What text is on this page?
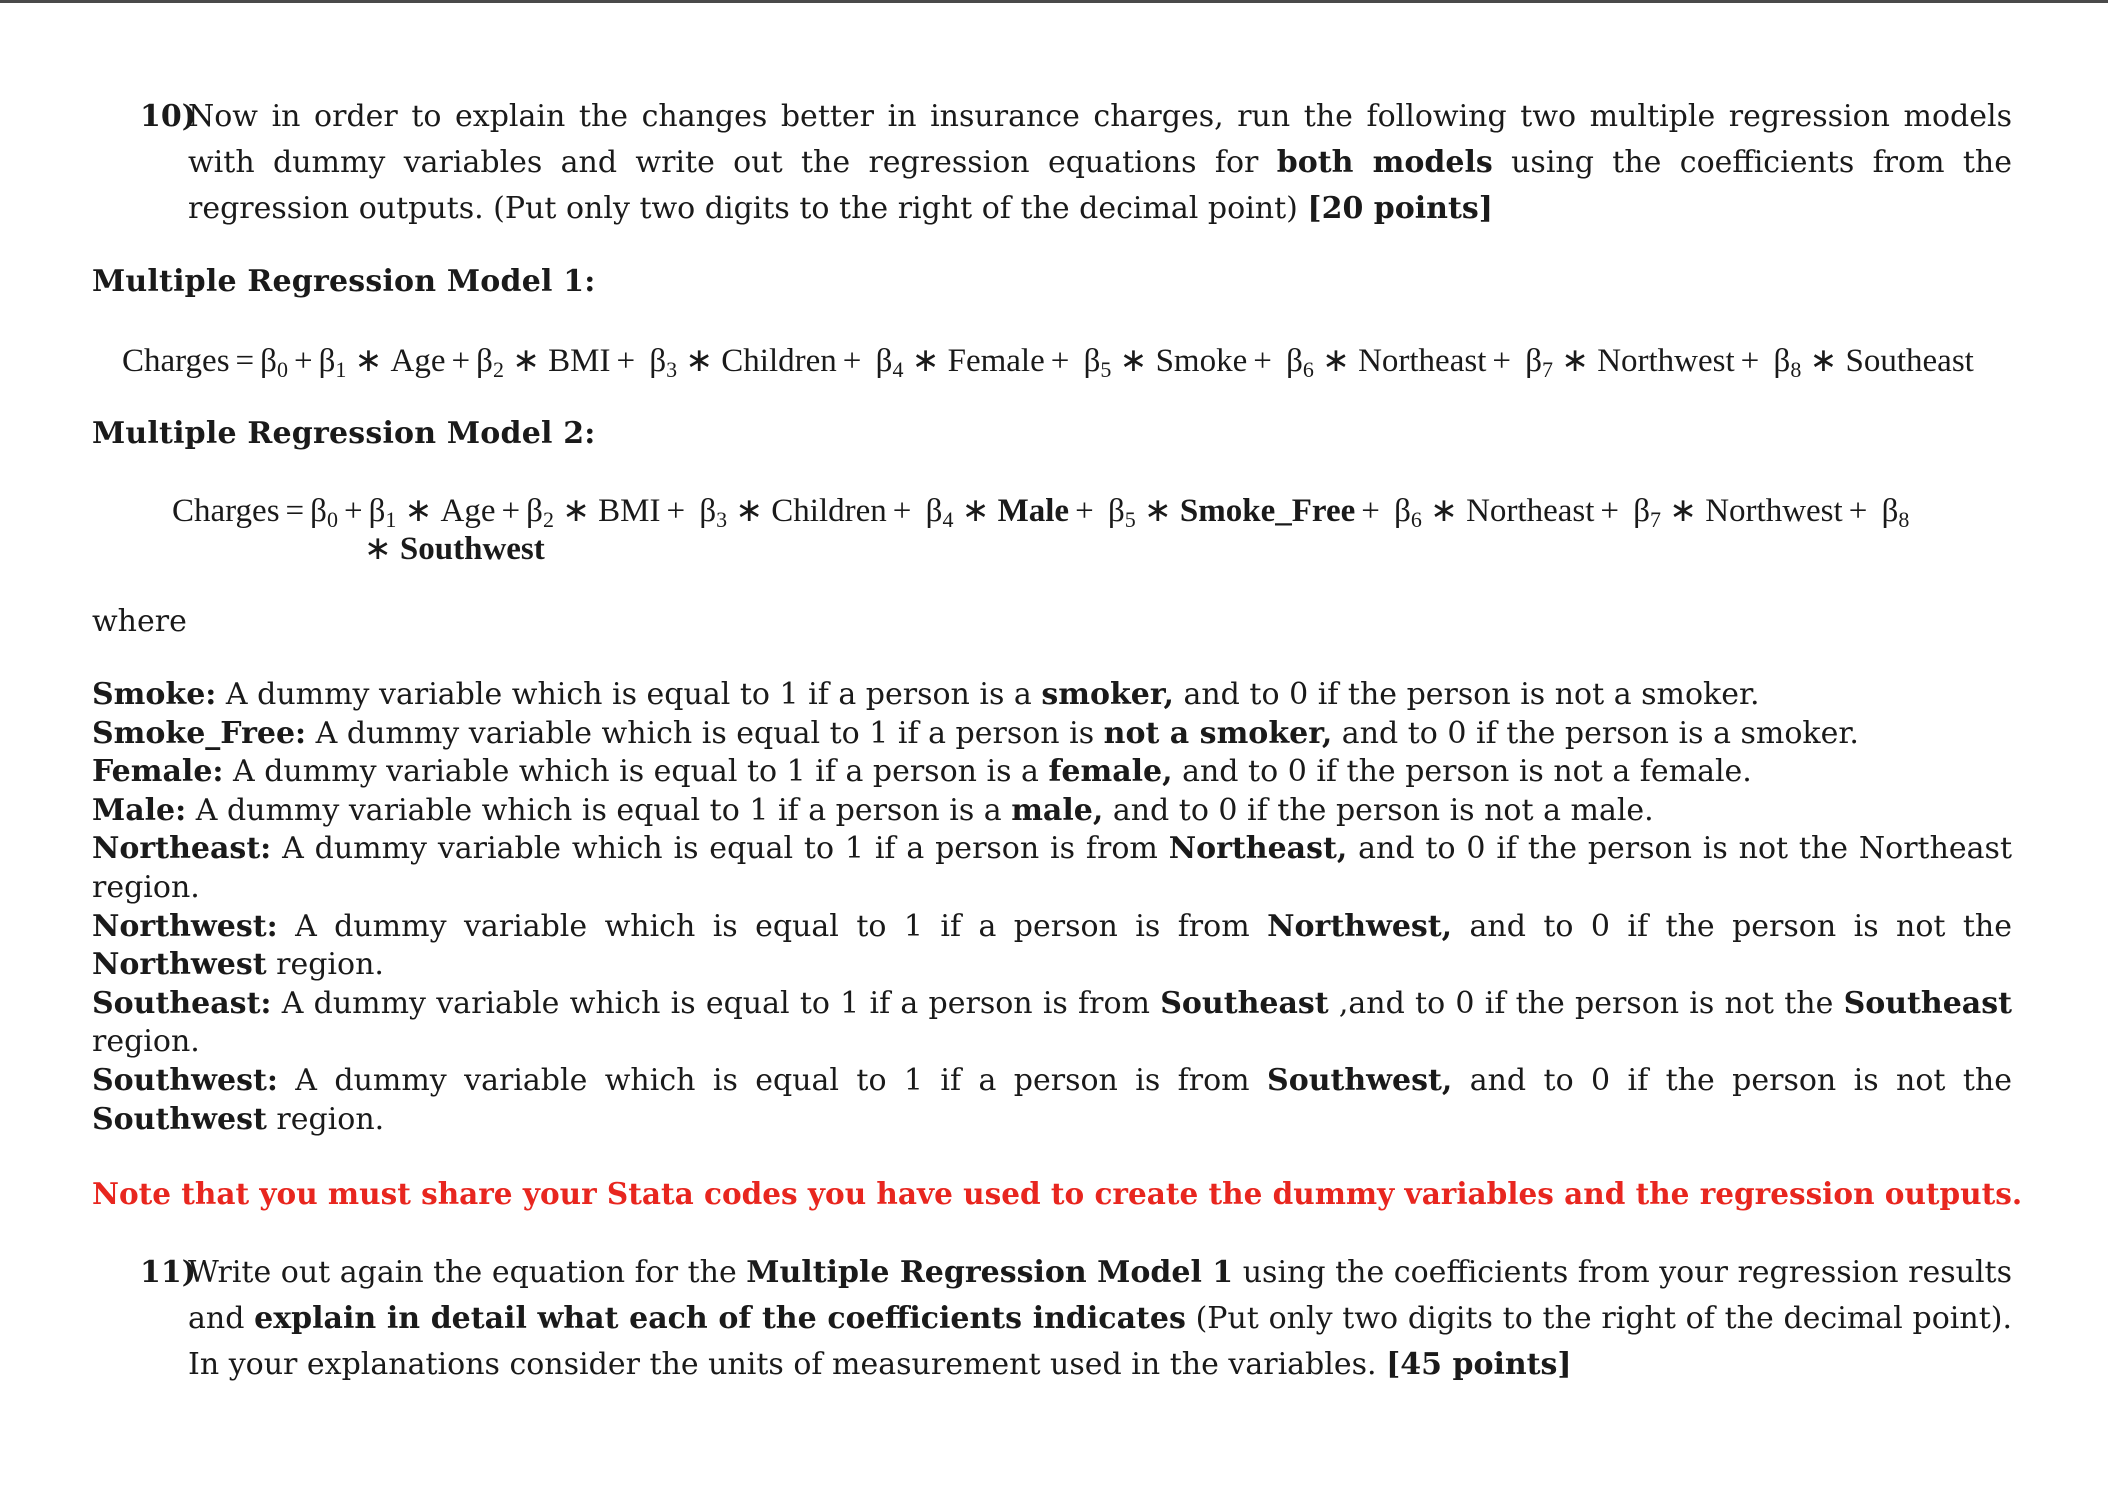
10)
Now in order to explain the changes better in insurance charges, run the following two multiple regression models with dummy variables and write out the regression equations for both models using the coefficients from the regression outputs. (Put only two digits to the right of the decimal point) [20 points]
Multiple Regression Model 1:
Charges = $\beta_0 + \beta_1$ ∗ Age + $\beta_2$ ∗ BMI + $\beta_3$ ∗ Children + $\beta_4$ ∗ Female + $\beta_5$ ∗ Smoke + $\beta_6$ ∗ Northeast + $\beta_7$ ∗ Northwest + $\beta_8$ ∗ Southeast
Multiple Regression Model 2:
Charges = $\beta_0 + \beta_1$ ∗ Age + $\beta_2$ ∗ BMI + $\beta_3$ ∗ Children + $\beta_4$ ∗ Male + $\beta_5$ ∗ Smoke_Free + $\beta_6$ ∗ Northeast + $\beta_7$ ∗ Northwest + $\beta_8$
∗ Southwest
where
Smoke: A dummy variable which is equal to 1 if a person is a smoker, and to 0 if the person is not a smoker.
Smoke_Free: A dummy variable which is equal to 1 if a person is not a smoker, and to 0 if the person is a smoker.
Female: A dummy variable which is equal to 1 if a person is a female, and to 0 if the person is not a female.
Male: A dummy variable which is equal to 1 if a person is a male, and to 0 if the person is not a male.
Northeast: A dummy variable which is equal to 1 if a person is from Northeast, and to 0 if the person is not the Northeast region.
Northwest: A dummy variable which is equal to 1 if a person is from Northwest, and to 0 if the person is not the Northwest region.
Southeast: A dummy variable which is equal to 1 if a person is from Southeast ,and to 0 if the person is not the Southeast region.
Southwest: A dummy variable which is equal to 1 if a person is from Southwest, and to 0 if the person is not the Southwest region.
Note that you must share your Stata codes you have used to create the dummy variables and the regression outputs.
11)
Write out again the equation for the Multiple Regression Model 1 using the coefficients from your regression results and explain in detail what each of the coefficients indicates (Put only two digits to the right of the decimal point). In your explanations consider the units of measurement used in the variables. [45 points]
